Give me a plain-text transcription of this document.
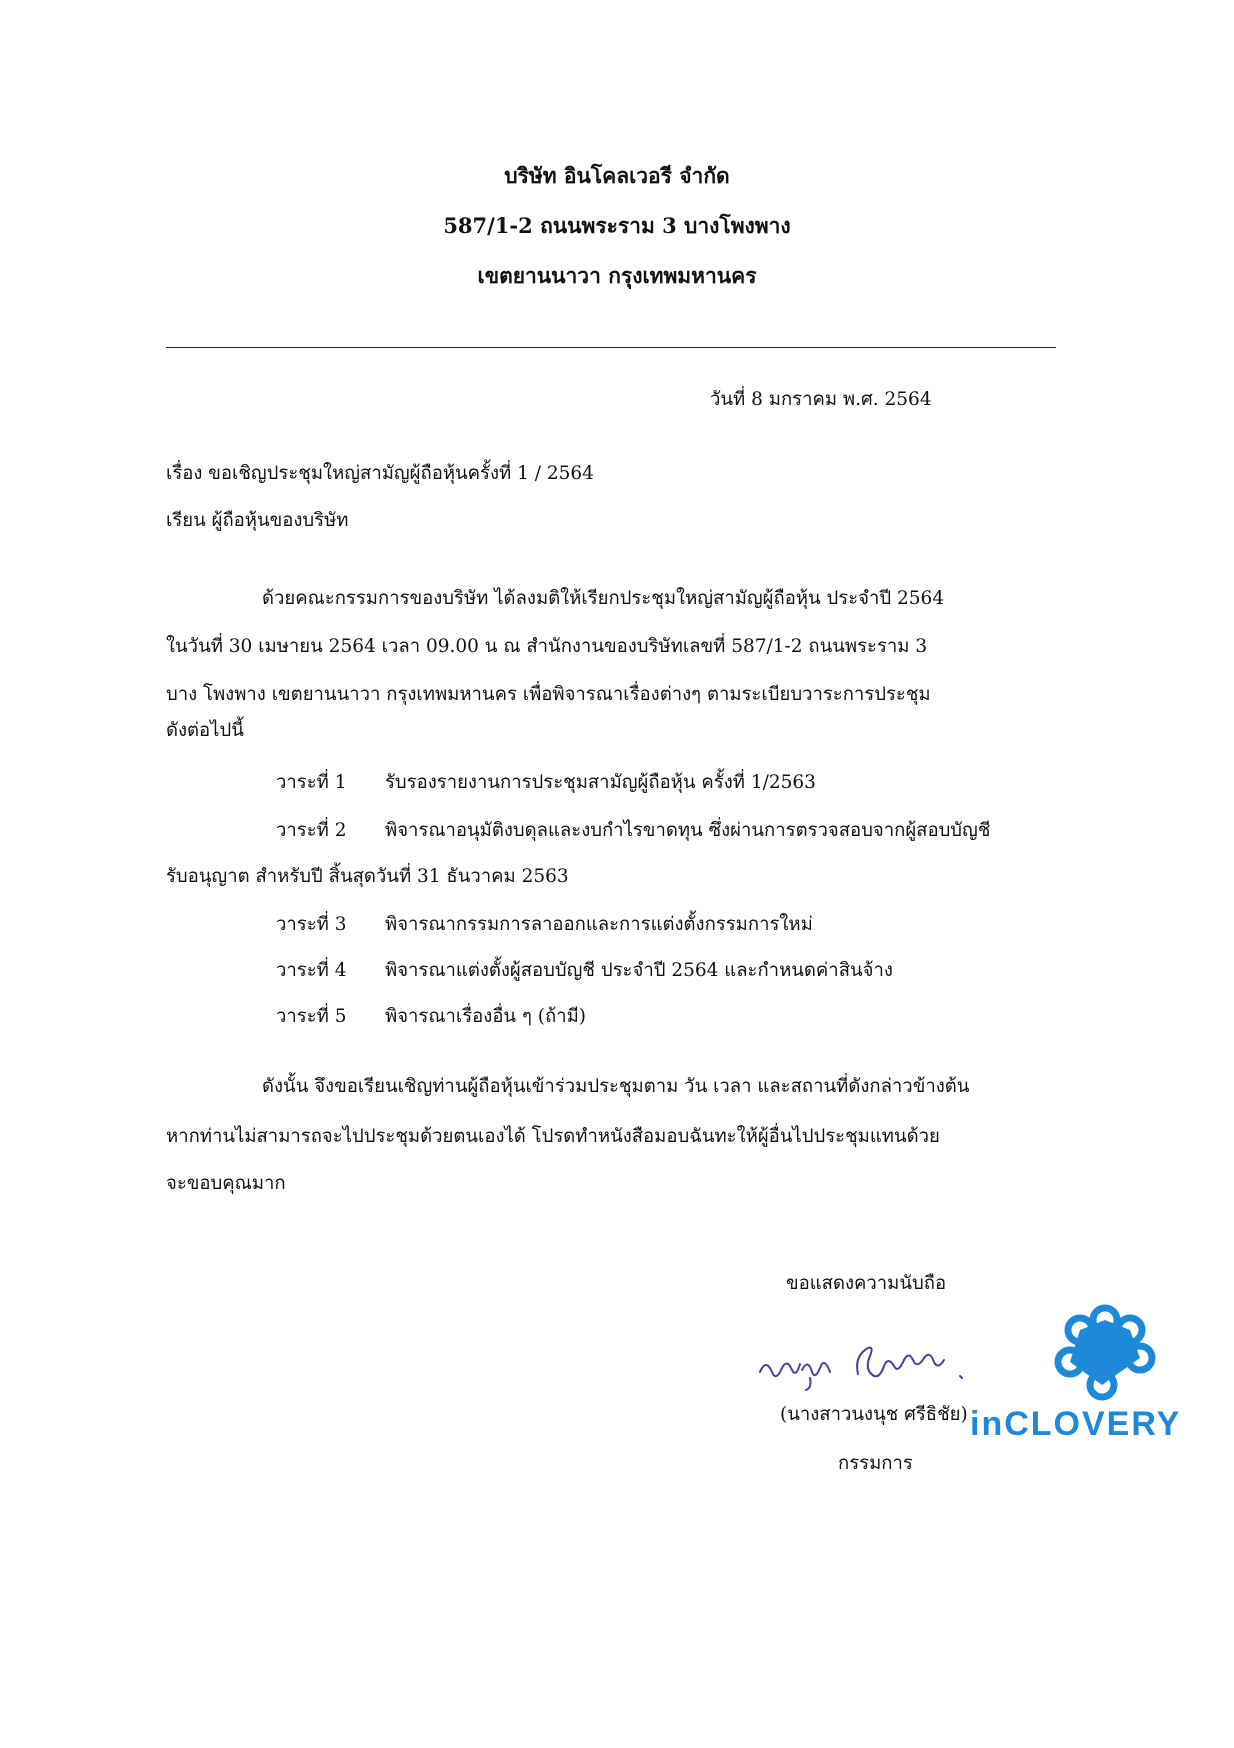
บริษัท อินโคลเวอรี จำกัด
587/1-2 ถนนพระราม 3 บางโพงพาง
เขตยานนาวา กรุงเทพมหานคร
วันที่ 8 มกราคม พ.ศ. 2564
เรื่อง ขอเชิญประชุมใหญ่สามัญผู้ถือหุ้นครั้งที่ 1 / 2564
เรียน ผู้ถือหุ้นของบริษัท
ด้วยคณะกรรมการของบริษัท ได้ลงมติให้เรียกประชุมใหญ่สามัญผู้ถือหุ้น ประจำปี 2564
ในวันที่ 30 เมษายน 2564 เวลา 09.00 น ณ สำนักงานของบริษัทเลขที่ 587/1-2 ถนนพระราม 3
บาง โพงพาง เขตยานนาวา กรุงเทพมหานคร เพื่อพิจารณาเรื่องต่างๆ ตามระเบียบวาระการประชุม
ดังต่อไปนี้
วาระที่ 1 รับรองรายงานการประชุมสามัญผู้ถือหุ้น ครั้งที่ 1/2563
วาระที่ 2 พิจารณาอนุมัติงบดุลและงบกำไรขาดทุน ซึ่งผ่านการตรวจสอบจากผู้สอบบัญชี
รับอนุญาต สำหรับปี สิ้นสุดวันที่ 31 ธันวาคม 2563
วาระที่ 3 พิจารณากรรมการลาออกและการแต่งตั้งกรรมการใหม่
วาระที่ 4 พิจารณาแต่งตั้งผู้สอบบัญชี ประจำปี 2564 และกำหนดค่าสินจ้าง
วาระที่ 5 พิจารณาเรื่องอื่น ๆ (ถ้ามี)
ดังนั้น จึงขอเรียนเชิญท่านผู้ถือหุ้นเข้าร่วมประชุมตาม วัน เวลา และสถานที่ดังกล่าวข้างต้น
หากท่านไม่สามารถจะไปประชุมด้วยตนเองได้ โปรดทำหนังสือมอบฉันทะให้ผู้อื่นไปประชุมแทนด้วย
จะขอบคุณมาก
ขอแสดงความนับถือ
inCLOVERY
(นางสาวนงนุช ศรีธิชัย)
กรรมการ
